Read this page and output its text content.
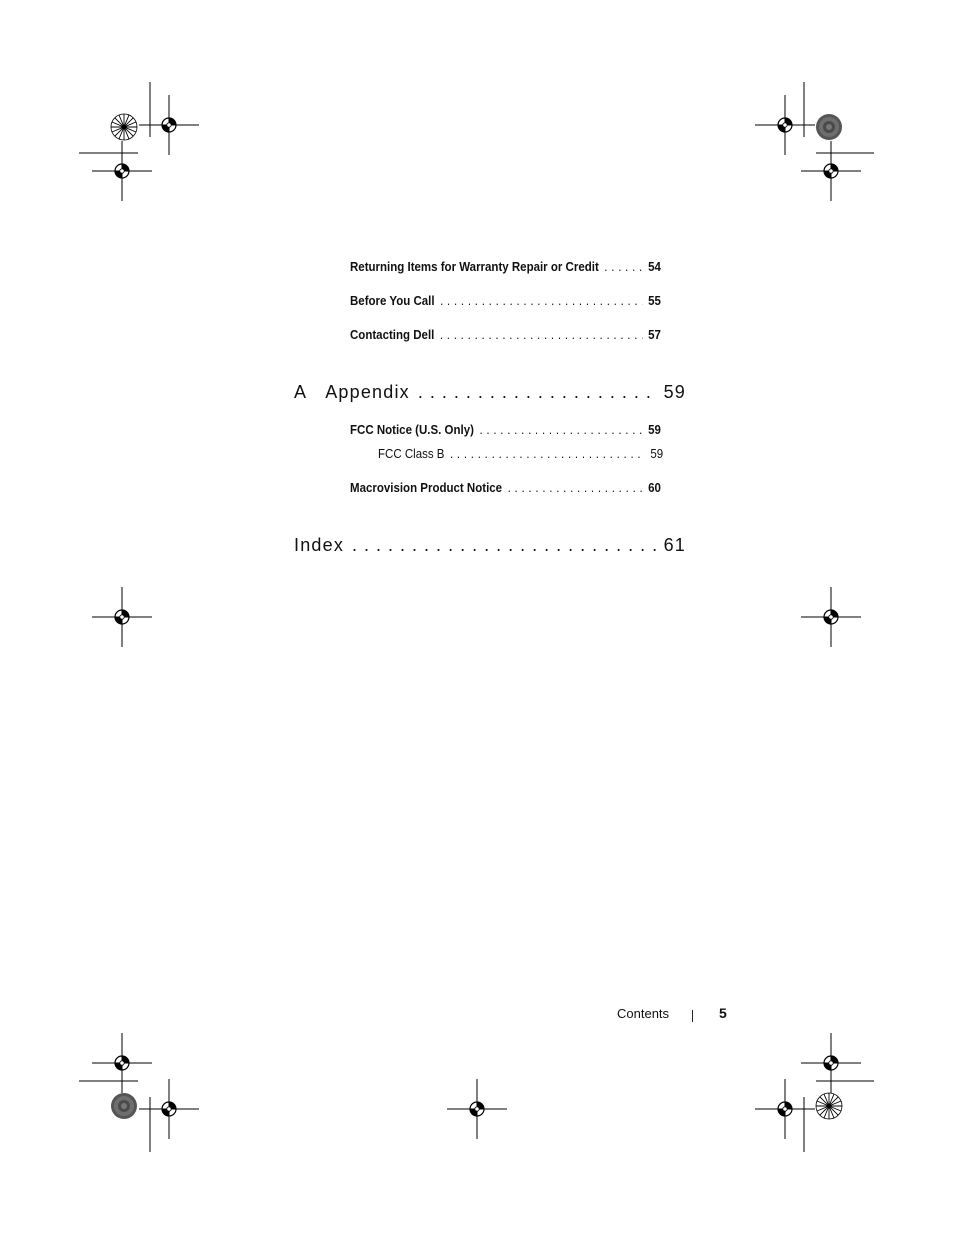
Returning Items for Warranty Repair or Credit . . .	54
Before You Call . . .	55
Contacting Dell . . .	57
A Appendix . . .	59
FCC Notice (U.S. Only) . . .	59
FCC Class B . . .	59
Macrovision Product Notice . . .	60
Index . . .	61
Contents	5
